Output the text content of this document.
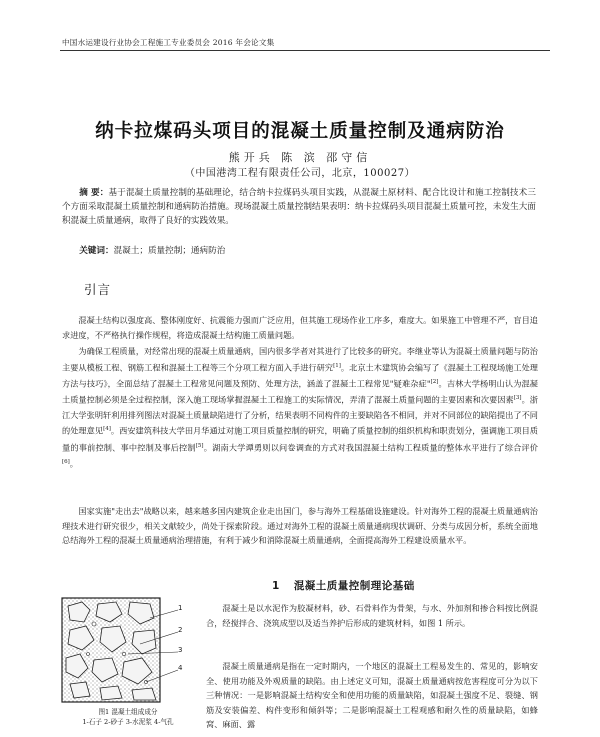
中国水运建设行业协会工程施工专业委员会 2016 年会论文集
纳卡拉煤码头项目的混凝土质量控制及通病防治
熊开兵 陈 滨 邵守信
（中国港湾工程有限责任公司，北京，100027）
摘 要：基于混凝土质量控制的基础理论，结合纳卡拉煤码头项目实践，从混凝土原材料、配合比设计和施工控制技术三个方面采取混凝土质量控制和通病防治措施。现场混凝土质量控制结果表明：纳卡拉煤码头项目混凝土质量可控，未发生大面积混凝土质量通病，取得了良好的实践效果。
关键词：混凝土；质量控制；通病防治
引言

混凝土结构以强度高、整体刚度好、抗震能力强而广泛应用，但其施工现场作业工序多，难度大。如果施工中管理不严，盲目追求进度，不严格执行操作规程，将造成混凝土结构施工质量问题。

为确保工程质量，对经常出现的混凝土质量通病，国内很多学者对其进行了比较多的研究。李继业等认为混凝土质量问题与防治主要从模板工程、钢筋工程和混凝土工程等三个分项工程方面入手进行研究[1]。北京土木建筑协会编写了《混凝土工程现场施工处理方法与技巧》，全面总结了混凝土工程常见问题及预防、处理方法，涵盖了混凝土工程常见"疑难杂症"[2]。吉林大学杨明山认为混凝土质量控制必须是全过程控制，深入施工现场掌握混凝土工程施工的实际情况，弄清了混凝土质量问题的主要因素和次要因素[3]。浙江大学张明轩利用排列图法对混凝土质量缺陷进行了分析，结果表明不同构件的主要缺陷各不相同，并对不同部位的缺陷提出了不同的处理意见[4]。西安建筑科技大学田月华通过对施工项目质量控制的研究，明确了质量控制的组织机构和职责划分，强调施工项目质量的事前控制、事中控制及事后控制[5]。湖南大学谭勇则以问卷调查的方式对我国混凝土结构工程质量的整体水平进行了综合评价[6]。

国家实施"走出去"战略以来，越来越多国内建筑企业走出国门，参与海外工程基础设施建设。针对海外工程的混凝土质量通病治理技术进行研究很少，相关文献较少，尚处于探索阶段。通过对海外工程的混凝土质量通病现状调研、分类与成因分析，系统全面地总结海外工程的混凝土质量通病治理措施，有利于减少和消除混凝土质量通病，全面提高海外工程建设质量水平。

1 混凝土质量控制理论基础
1
2
3
4
图1 混凝土组成成分
1-石子 2-砂子 3-水泥浆 4-气孔

混凝土是以水泥作为胶凝材料，砂、石骨料作为骨架，与水、外加剂和掺合料按比例混合，经搅拌合、浇筑成型以及适当养护后形成的建筑材料，如图 1 所示。

混凝土质量通病是指在一定时期内，一个地区的混凝土工程易发生的、常见的，影响安全、使用功能及外观质量的缺陷。由上述定义可知，混凝土质量通病按危害程度可分为以下三种情况：一是影响混凝土结构安全和使用功能的质量缺陷，如混凝土强度不足、裂缝、钢筋及安装偏差、构件变形和倾斜等；二是影响混凝土工程观感和耐久性的质量缺陷，如蜂窝、麻面、露
